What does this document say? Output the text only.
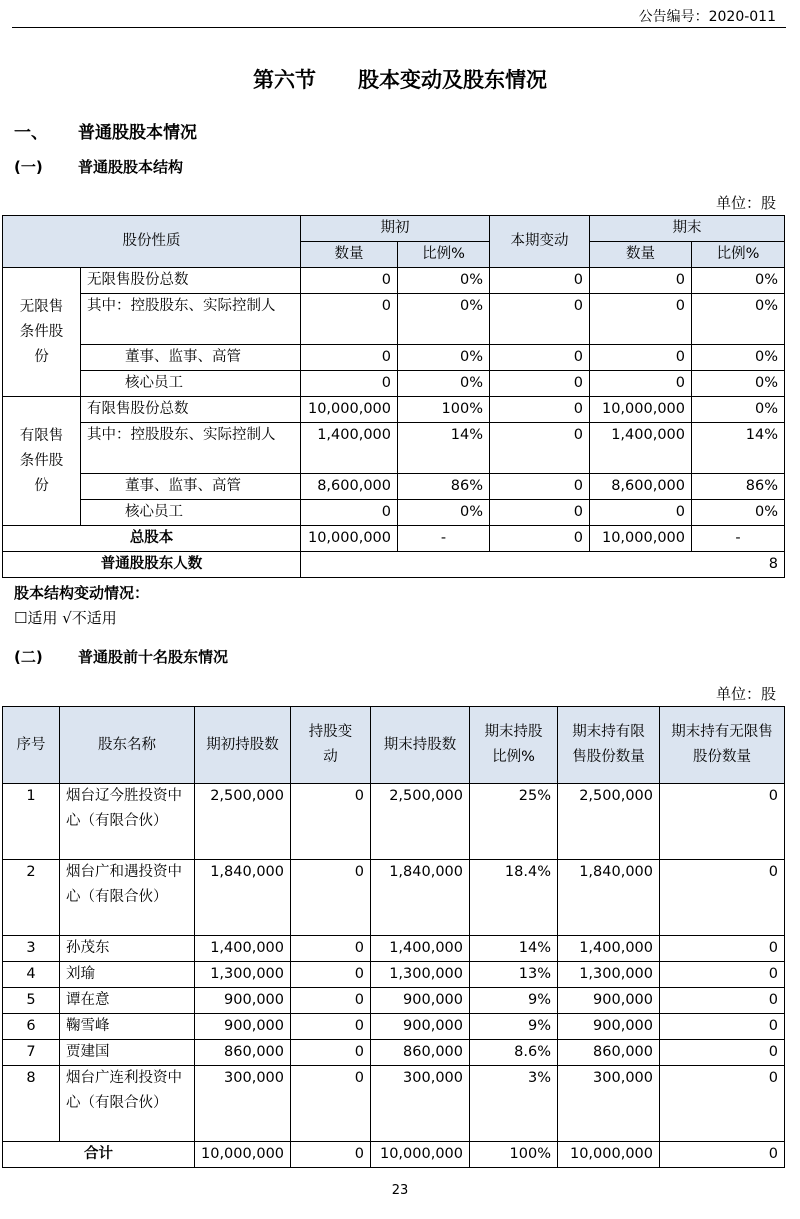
公告编号：2020-011
第六节　　股本变动及股东情况
一、 普通股股本情况
(一) 普通股股本结构
单位：股
股份性质		期初		本期变动	期末	
		数量	比例%		数量	比例%
无限售条件股份	无限售股份总数	0	0%	0	0	0%
	其中：控股股东、实际控制人	0	0%	0	0	0%
	董事、监事、高管	0	0%	0	0	0%
	核心员工	0	0%	0	0	0%
有限售条件股份	有限售股份总数	10,000,000	100%	0	10,000,000	0%
	其中：控股股东、实际控制人	1,400,000	14%	0	1,400,000	14%
	董事、监事、高管	8,600,000	86%	0	8,600,000	86%
	核心员工	0	0%	0	0	0%
总股本		10,000,000	-	0	10,000,000	-
普通股股东人数		8				
股本结构变动情况：
☐适用 √不适用
(二) 普通股前十名股东情况
单位：股
序号	股东名称	期初持股数	持股变动	期末持股数	期末持股比例%	期末持有限售股份数量	期末持有无限售股份数量
1	烟台辽今胜投资中心（有限合伙）	2,500,000	0	2,500,000	25%	2,500,000	0
2	烟台广和遇投资中心（有限合伙）	1,840,000	0	1,840,000	18.4%	1,840,000	0
3	孙茂东	1,400,000	0	1,400,000	14%	1,400,000	0
4	刘瑜	1,300,000	0	1,300,000	13%	1,300,000	0
5	谭在意	900,000	0	900,000	9%	900,000	0
6	鞠雪峰	900,000	0	900,000	9%	900,000	0
7	贾建国	860,000	0	860,000	8.6%	860,000	0
8	烟台广连利投资中心（有限合伙）	300,000	0	300,000	3%	300,000	0
合计		10,000,000	0	10,000,000	100%	10,000,000	0
23
